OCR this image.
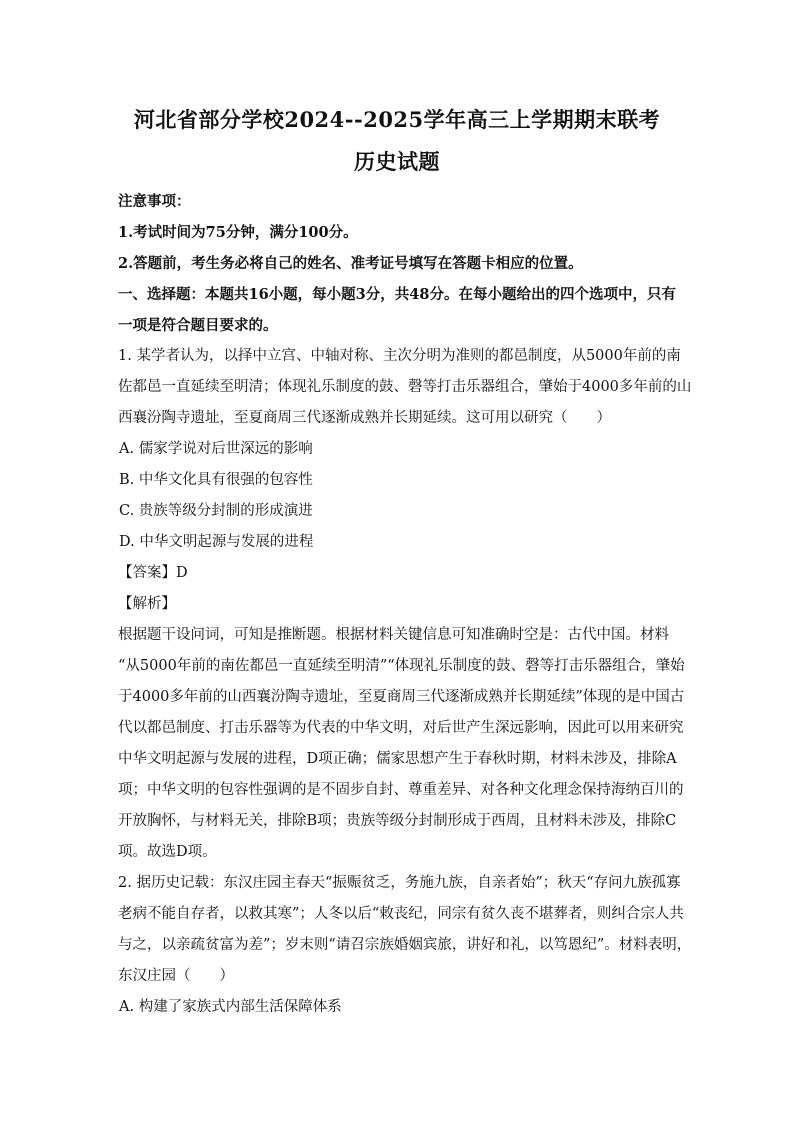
河北省部分学校2024--2025学年高三上学期期末联考
历史试题
注意事项：
1.考试时间为75分钟，满分100分。
2.答题前，考生务必将自己的姓名、准考证号填写在答题卡相应的位置。
一、选择题：本题共16小题，每小题3分，共48分。在每小题给出的四个选项中，只有
一项是符合题目要求的。
1. 某学者认为，以择中立宫、中轴对称、主次分明为准则的都邑制度，从5000年前的南
佐都邑一直延续至明清；体现礼乐制度的鼓、磬等打击乐器组合，肇始于4000多年前的山
西襄汾陶寺遗址，至夏商周三代逐渐成熟并长期延续。这可用以研究（　　）
A. 儒家学说对后世深远的影响
B. 中华文化具有很强的包容性
C. 贵族等级分封制的形成演进
D. 中华文明起源与发展的进程
【答案】D
【解析】
根据题干设问词，可知是推断题。根据材料关键信息可知准确时空是：古代中国。材料
“从5000年前的南佐都邑一直延续至明清”“体现礼乐制度的鼓、磬等打击乐器组合，肇始
于4000多年前的山西襄汾陶寺遗址，至夏商周三代逐渐成熟并长期延续”体现的是中国古
代以都邑制度、打击乐器等为代表的中华文明，对后世产生深远影响，因此可以用来研究
中华文明起源与发展的进程，D项正确；儒家思想产生于春秋时期，材料未涉及，排除A
项；中华文明的包容性强调的是不固步自封、尊重差异、对各种文化理念保持海纳百川的
开放胸怀，与材料无关，排除B项；贵族等级分封制形成于西周，且材料未涉及，排除C
项。故选D项。
2. 据历史记载：东汉庄园主春天“振赈贫乏，务施九族，自亲者始”；秋天“存问九族孤寡
老病不能自存者，以救其寒”；人冬以后“敕丧纪，同宗有贫久丧不堪葬者，则纠合宗人共
与之，以亲疏贫富为差”；岁末则“请召宗族婚姻宾旅，讲好和礼，以笃恩纪”。材料表明，
东汉庄园（　　）
A. 构建了家族式内部生活保障体系
